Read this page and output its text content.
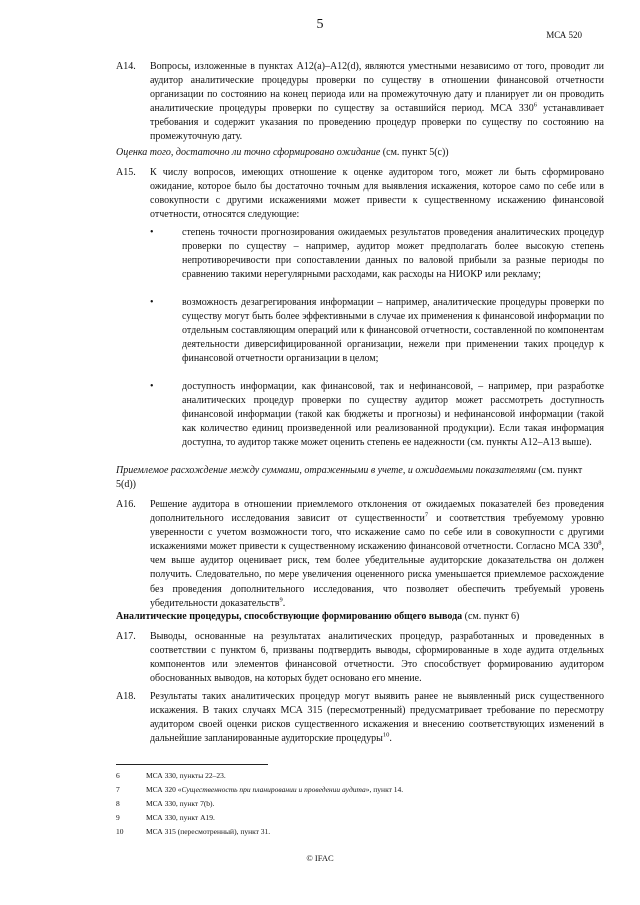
5
МСА 520
A14. Вопросы, изложенные в пунктах A12(a)–A12(d), являются уместными независимо от того, проводит ли аудитор аналитические процедуры проверки по существу в отношении финансовой отчетности организации по состоянию на конец периода или на промежуточную дату и планирует ли он проводить аналитические процедуры проверки по существу за оставшийся период. МСА $330^6$ устанавливает требования и содержит указания по проведению процедур проверки по существу по состоянию на промежуточную дату.
Оценка того, достаточно ли точно сформировано ожидание (см. пункт 5(с))
A15. К числу вопросов, имеющих отношение к оценке аудитором того, может ли быть сформировано ожидание, которое было бы достаточно точным для выявления искажения, которое само по себе или в совокупности с другими искажениями может привести к существенному искажению финансовой отчетности, относятся следующие:
•	степень точности прогнозирования ожидаемых результатов проведения аналитических процедур проверки по существу – например, аудитор может предполагать более высокую степень непротиворечивости при сопоставлении данных по валовой прибыли за разные периоды по сравнению такими нерегулярными расходами, как расходы на НИОКР или рекламу;
•	возможность дезагрегирования информации – например, аналитические процедуры проверки по существу могут быть более эффективными в случае их применения к финансовой информации по отдельным составляющим операций или к финансовой отчетности, составленной по компонентам деятельности диверсифицированной организации, нежели при применении таких процедур к финансовой отчетности организации в целом;
•	доступность информации, как финансовой, так и нефинансовой, – например, при разработке аналитических процедур проверки по существу аудитор может рассмотреть доступность финансовой информации (такой как бюджеты и прогнозы) и нефинансовой информации (такой как количество единиц произведенной или реализованной продукции). Если такая информация доступна, то аудитор также может оценить степень ее надежности (см. пункты A12–A13 выше).
Приемлемое расхождение между суммами, отраженными в учете, и ожидаемыми показателями (см. пункт 5(d))
A16. Решение аудитора в отношении приемлемого отклонения от ожидаемых показателей без проведения дополнительного исследования зависит от существенности$^7$ и соответствия требуемому уровню уверенности с учетом возможности того, что искажение само по себе или в совокупности с другими искажениями может привести к существенному искажению финансовой отчетности. Согласно МСА $330^8$, чем выше аудитор оценивает риск, тем более убедительные аудиторские доказательства он должен получить. Следовательно, по мере увеличения оцененного риска уменьшается приемлемое расхождение без проведения дополнительного исследования, что позволяет обеспечить требуемый уровень убедительности доказательств$^9$.
Аналитические процедуры, способствующие формированию общего вывода (см. пункт 6)
A17. Выводы, основанные на результатах аналитических процедур, разработанных и проведенных в соответствии с пунктом 6, призваны подтвердить выводы, сформированные в ходе аудита отдельных компонентов или элементов финансовой отчетности. Это способствует формированию аудитором обоснованных выводов, на которых будет основано его мнение.
A18. Результаты таких аналитических процедур могут выявить ранее не выявленный риск существенного искажения. В таких случаях МСА 315 (пересмотренный) предусматривает требование по пересмотру аудитором своей оценки рисков существенного искажения и внесению соответствующих изменений в дальнейшие запланированные аудиторские процедуры$^{10}$.
6	МСА 330, пункты 22–23.
7	МСА 320 «Существенность при планировании и проведении аудита», пункт 14.
8	МСА 330, пункт 7(b).
9	МСА 330, пункт A19.
10	МСА 315 (пересмотренный), пункт 31.
© IFAC
